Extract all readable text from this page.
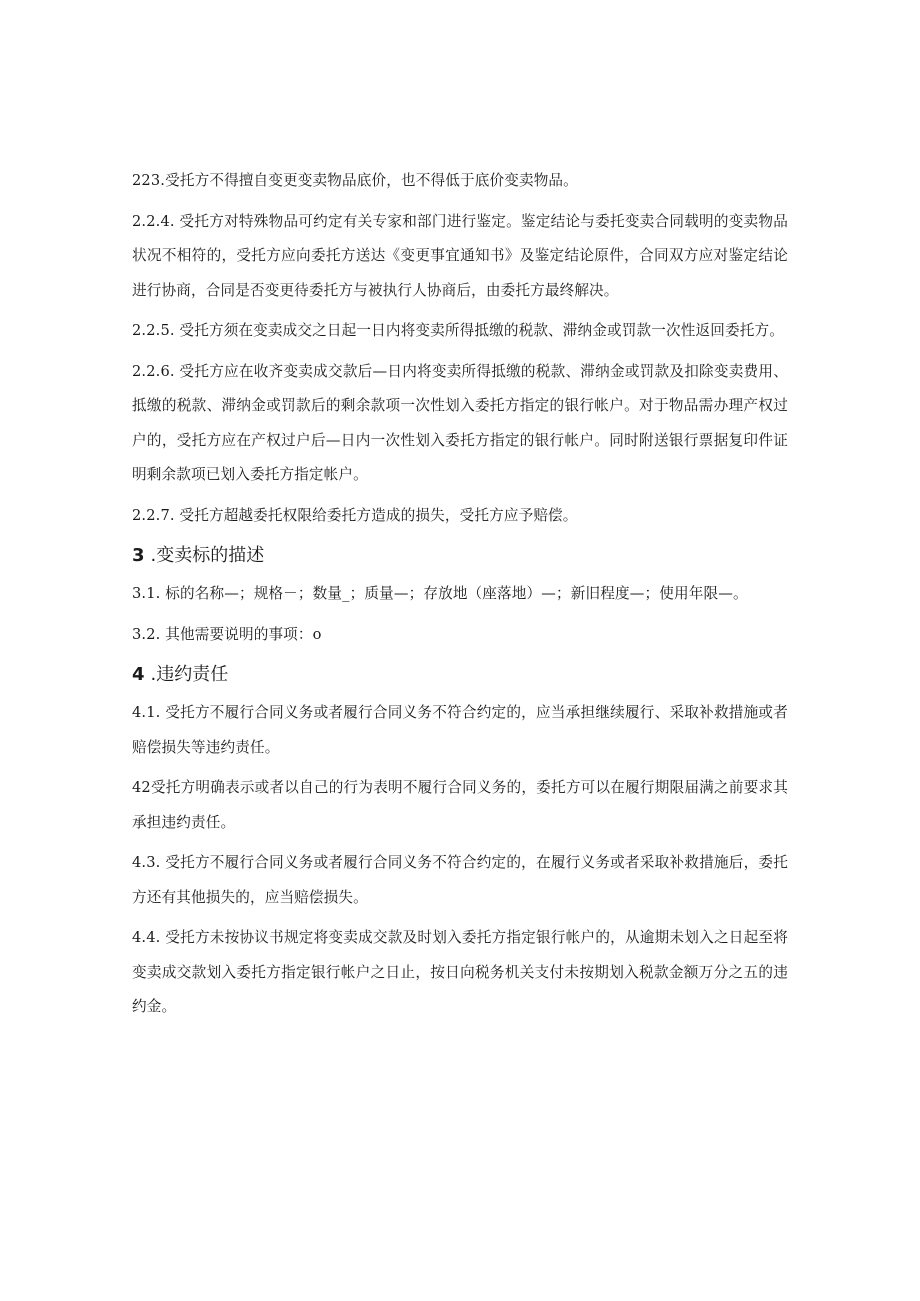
223.受托方不得擅自变更变卖物品底价，也不得低于底价变卖物品。

2.2.4. 受托方对特殊物品可约定有关专家和部门进行鉴定。鉴定结论与委托变卖合同载明的变卖物品状况不相符的，受托方应向委托方送达《变更事宜通知书》及鉴定结论原件，合同双方应对鉴定结论进行协商，合同是否变更待委托方与被执行人协商后，由委托方最终解决。

2.2.5. 受托方须在变卖成交之日起一日内将变卖所得抵缴的税款、滞纳金或罚款一次性返回委托方。

2.2.6. 受托方应在收齐变卖成交款后—日内将变卖所得抵缴的税款、滞纳金或罚款及扣除变卖费用、抵缴的税款、滞纳金或罚款后的剩余款项一次性划入委托方指定的银行帐户。对于物品需办理产权过户的，受托方应在产权过户后—日内一次性划入委托方指定的银行帐户。同时附送银行票据复印件证明剩余款项已划入委托方指定帐户。

2.2.7. 受托方超越委托权限给委托方造成的损失，受托方应予赔偿。

3 .变卖标的描述

3.1. 标的名称—；规格－；数量_；质量—；存放地（座落地）—；新旧程度—；使用年限—。

3.2. 其他需要说明的事项：o

4 .违约责任

4.1. 受托方不履行合同义务或者履行合同义务不符合约定的，应当承担继续履行、采取补救措施或者赔偿损失等违约责任。

42受托方明确表示或者以自己的行为表明不履行合同义务的，委托方可以在履行期限届满之前要求其承担违约责任。

4.3. 受托方不履行合同义务或者履行合同义务不符合约定的，在履行义务或者采取补救措施后，委托方还有其他损失的，应当赔偿损失。

4.4. 受托方未按协议书规定将变卖成交款及时划入委托方指定银行帐户的，从逾期未划入之日起至将变卖成交款划入委托方指定银行帐户之日止，按日向税务机关支付未按期划入税款金额万分之五的违约金。
